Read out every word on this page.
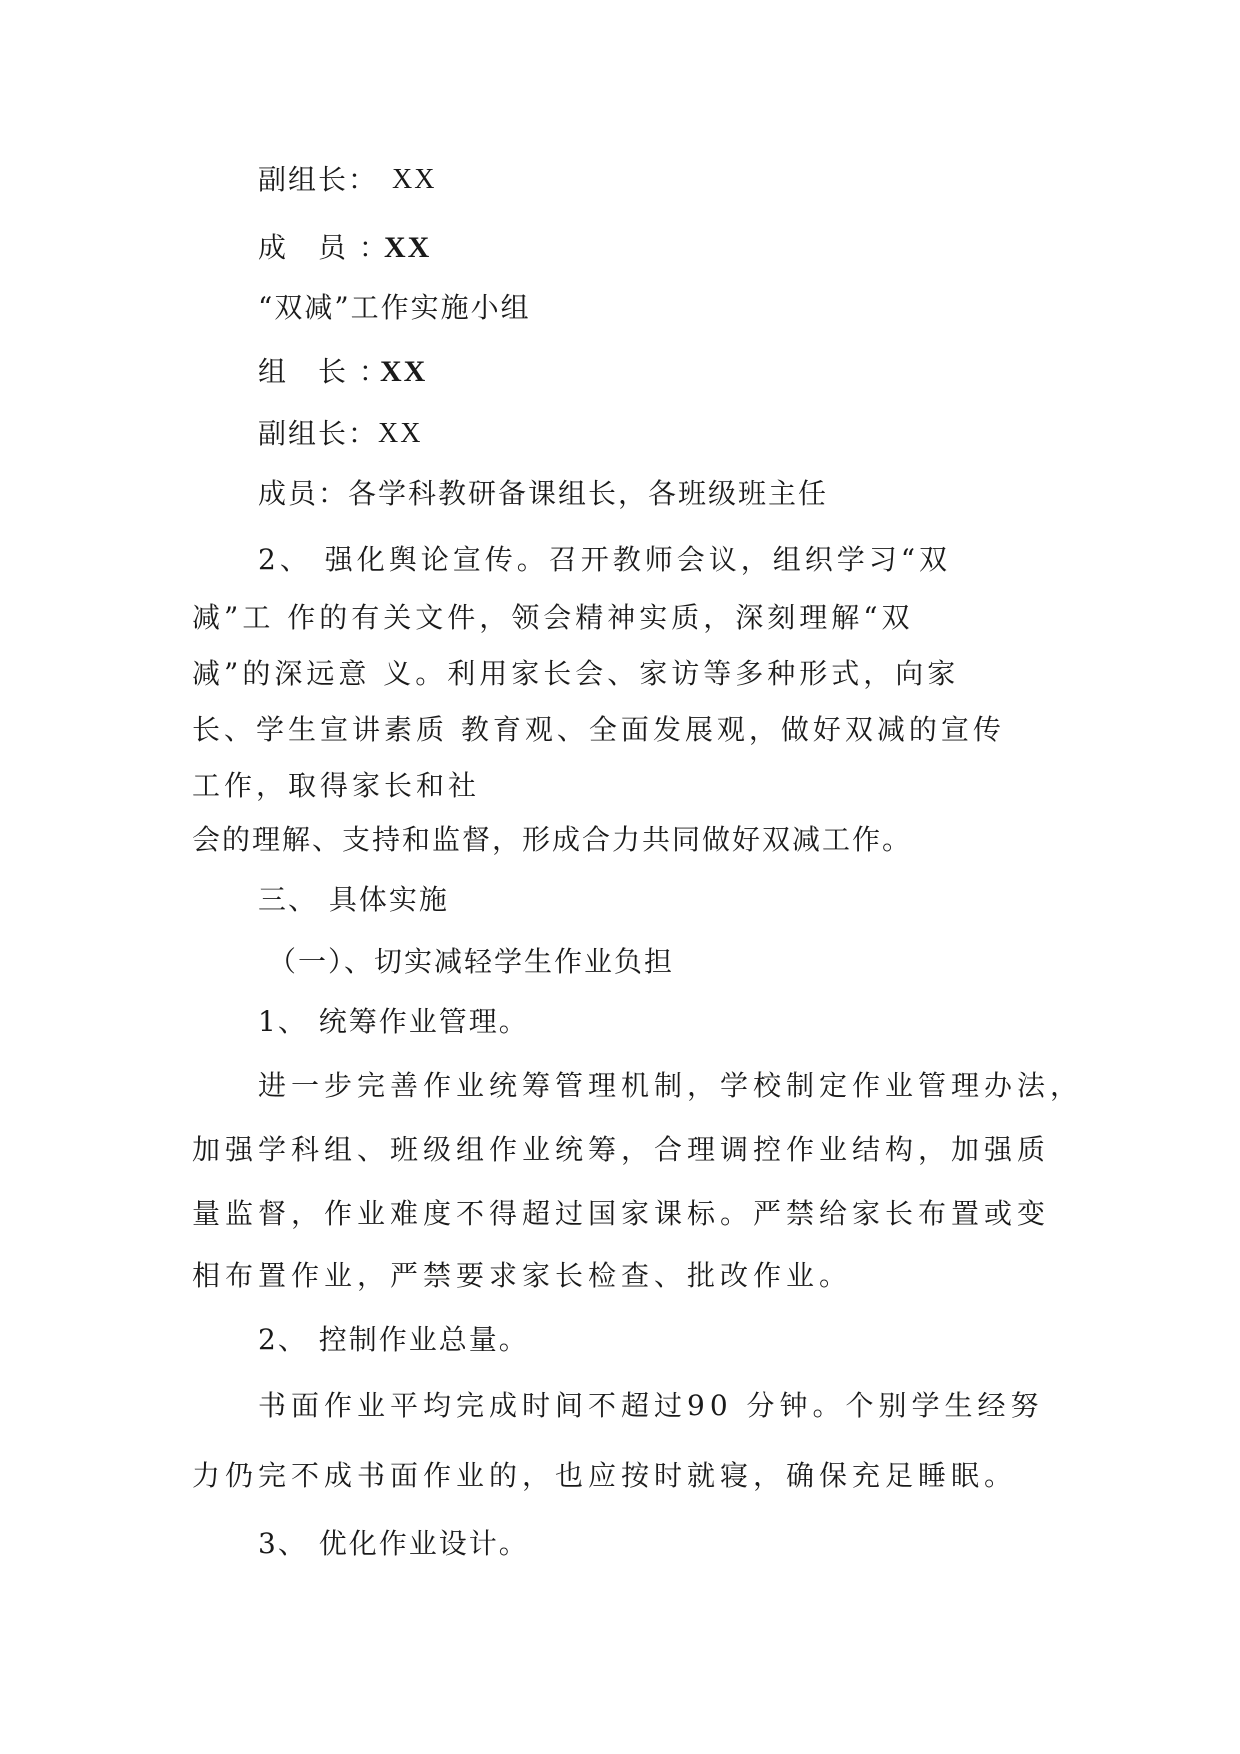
副组长： XX
成　员 ：
XX
“双减”工作实施小组
组　长 ：
XX
副组长： XX
成员：各学科教研备课组长，各班级班主任
2、 强化舆论宣传。召开教师会议，组织学习“双
减”工 作的有关文件，领会精神实质，深刻理解“双
减”的深远意 义。利用家长会、家访等多种形式，向家
长、学生宣讲素质 教育观、全面发展观，做好双减的宣传
工作，取得家长和社
会的理解、支持和监督，形成合力共同做好双减工作。
三、 具体实施
（一）、切实减轻学生作业负担
1、 统筹作业管理。
进一步完善作业统筹管理机制，学校制定作业管理办法，
加强学科组、班级组作业统筹，合理调控作业结构，加强质
量监督，作业难度不得超过国家课标。严禁给家长布置或变
相布置作业，严禁要求家长检查、批改作业。
2、 控制作业总量。
书面作业平均完成时间不超过90 分钟。个别学生经努
力仍完不成书面作业的，也应按时就寝，确保充足睡眠。
3、 优化作业设计。
